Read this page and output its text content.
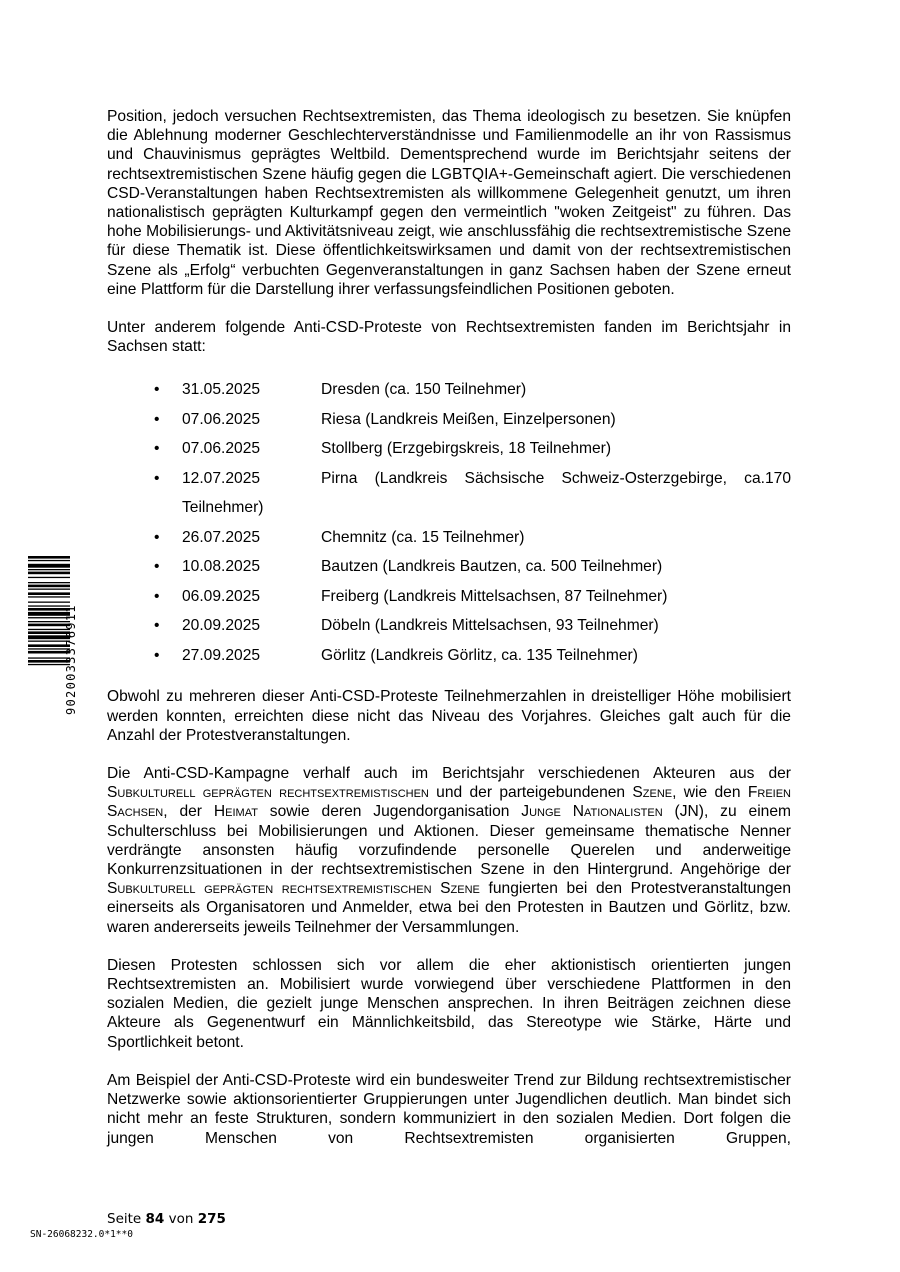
Position, jedoch versuchen Rechtsextremisten, das Thema ideologisch zu besetzen. Sie knüpfen die Ablehnung moderner Geschlechterverständnisse und Familienmodelle an ihr von Rassismus und Chauvinismus geprägtes Weltbild. Dementsprechend wurde im Berichtsjahr seitens der rechtsextremistischen Szene häufig gegen die LGBTQIA+-Gemeinschaft agiert. Die verschiedenen CSD-Veranstaltungen haben Rechtsextremisten als willkommene Gelegenheit genutzt, um ihren nationalistisch geprägten Kulturkampf gegen den vermeintlich "woken Zeitgeist" zu führen. Das hohe Mobilisierungs- und Aktivitätsniveau zeigt, wie anschlussfähig die rechtsextremistische Szene für diese Thematik ist. Diese öffentlichkeitswirksamen und damit von der rechtsextremistischen Szene als „Erfolg“ verbuchten Gegenveranstaltungen in ganz Sachsen haben der Szene erneut eine Plattform für die Darstellung ihrer verfassungsfeindlichen Positionen geboten.

Unter anderem folgende Anti-CSD-Proteste von Rechtsextremisten fanden im Berichtsjahr in Sachsen statt:

• 31.05.2025	Dresden (ca. 150 Teilnehmer)
• 07.06.2025	Riesa (Landkreis Meißen, Einzelpersonen)
• 07.06.2025	Stollberg (Erzgebirgskreis, 18 Teilnehmer)
• 12.07.2025	Pirna (Landkreis Sächsische Schweiz-Osterzgebirge, ca.170
Teilnehmer)
• 26.07.2025	Chemnitz (ca. 15 Teilnehmer)
• 10.08.2025	Bautzen (Landkreis Bautzen, ca. 500 Teilnehmer)
• 06.09.2025	Freiberg (Landkreis Mittelsachsen, 87 Teilnehmer)
• 20.09.2025	Döbeln (Landkreis Mittelsachsen, 93 Teilnehmer)
• 27.09.2025	Görlitz (Landkreis Görlitz, ca. 135 Teilnehmer)

Obwohl zu mehreren dieser Anti-CSD-Proteste Teilnehmerzahlen in dreistelliger Höhe mobilisiert werden konnten, erreichten diese nicht das Niveau des Vorjahres. Gleiches galt auch für die Anzahl der Protestveranstaltungen.

Die Anti-CSD-Kampagne verhalf auch im Berichtsjahr verschiedenen Akteuren aus der Subkulturell geprägten rechtsextremistischen und der parteigebundenen Szene, wie den Freien Sachsen, der Heimat sowie deren Jugendorganisation Junge Nationalisten (JN), zu einem Schulterschluss bei Mobilisierungen und Aktionen. Dieser gemeinsame thematische Nenner verdrängte ansonsten häufig vorzufindende personelle Querelen und anderweitige Konkurrenzsituationen in der rechtsextremistischen Szene in den Hintergrund. Angehörige der Subkulturell geprägten rechtsextremistischen Szene fungierten bei den Protestveranstaltungen einerseits als Organisatoren und Anmelder, etwa bei den Protesten in Bautzen und Görlitz, bzw. waren andererseits jeweils Teilnehmer der Versammlungen.

Diesen Protesten schlossen sich vor allem die eher aktionistisch orientierten jungen Rechtsextremisten an. Mobilisiert wurde vorwiegend über verschiedene Plattformen in den sozialen Medien, die gezielt junge Menschen ansprechen. In ihren Beiträgen zeichnen diese Akteure als Gegenentwurf ein Männlichkeitsbild, das Stereotype wie Stärke, Härte und Sportlichkeit betont.

Am Beispiel der Anti-CSD-Proteste wird ein bundesweiter Trend zur Bildung rechtsextremistischer Netzwerke sowie aktionsorientierter Gruppierungen unter Jugendlichen deutlich. Man bindet sich nicht mehr an feste Strukturen, sondern kommuniziert in den sozialen Medien. Dort folgen die jungen Menschen von Rechtsextremisten organisierten Gruppen,

9020033376911
Seite 84 von 275
SN-26068232.0*1**0
